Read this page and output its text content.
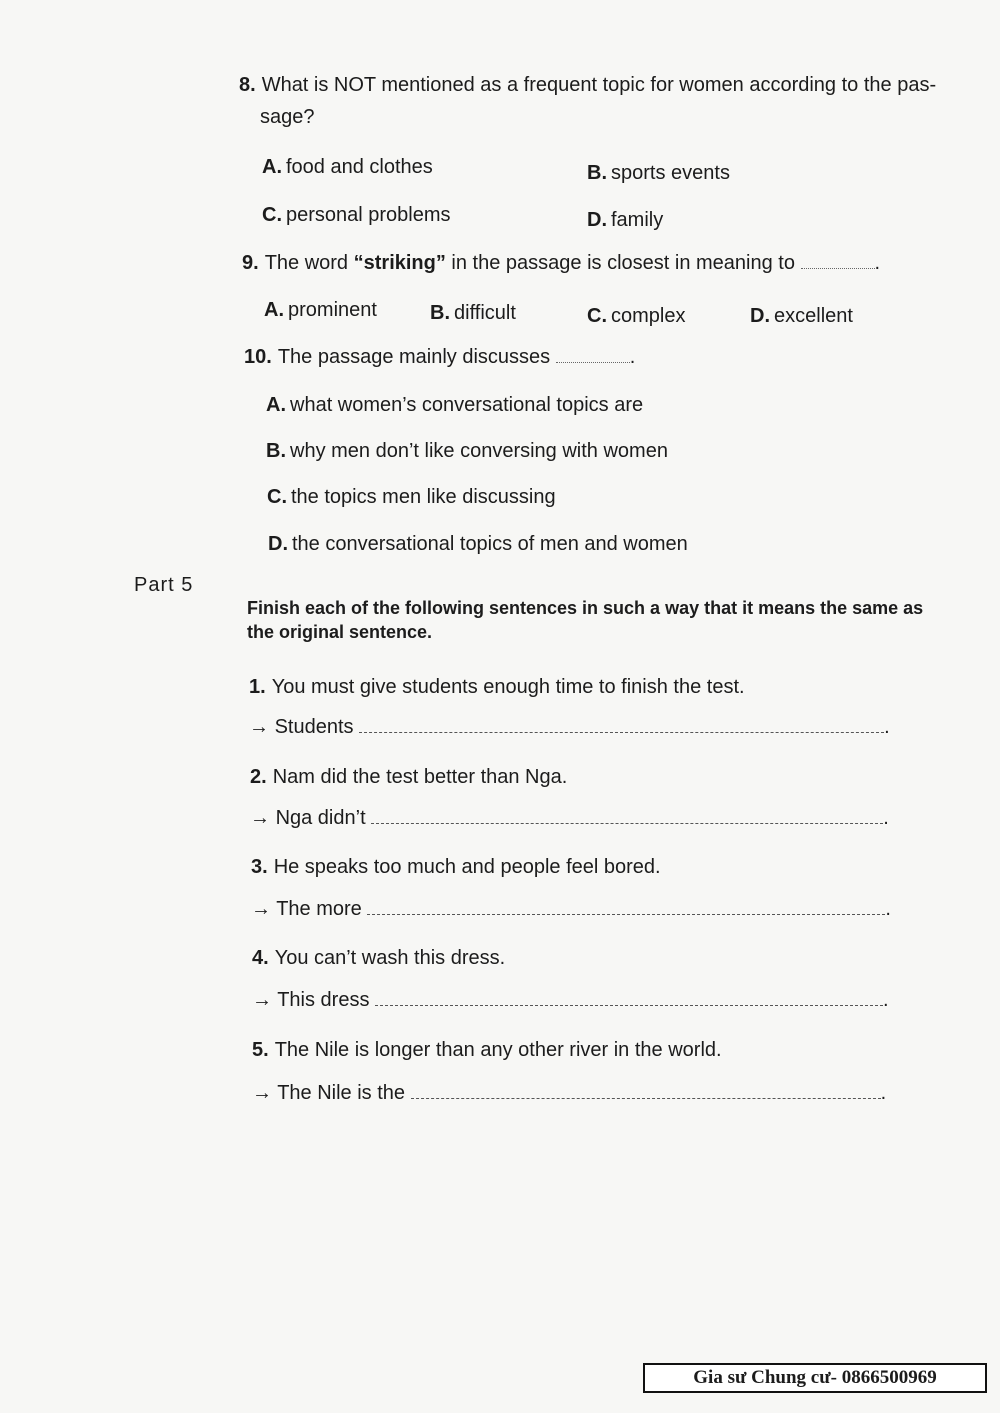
8. What is NOT mentioned as a frequent topic for women according to the pas-
sage?
A. food and clothes	B. sports events
C. personal problems	D. family
9. The word “striking” in the passage is closest in meaning to	.
A. prominent	B. difficult	C. complex	D. excellent
10. The passage mainly discusses	.
A. what women’s conversational topics are
B. why men don’t like conversing with women
C. the topics men like discussing
D. the conversational topics of men and women
Part 5
Finish each of the following sentences in such a way that it means the same as the original sentence.
1. You must give students enough time to finish the test.
→ Students	.
2. Nam did the test better than Nga.
→ Nga didn’t	.
3. He speaks too much and people feel bored.
→ The more	.
4. You can’t wash this dress.
→ This dress	.
5. The Nile is longer than any other river in the world.
→ The Nile is the	.
Gia sư Chung cư- 0866500969
